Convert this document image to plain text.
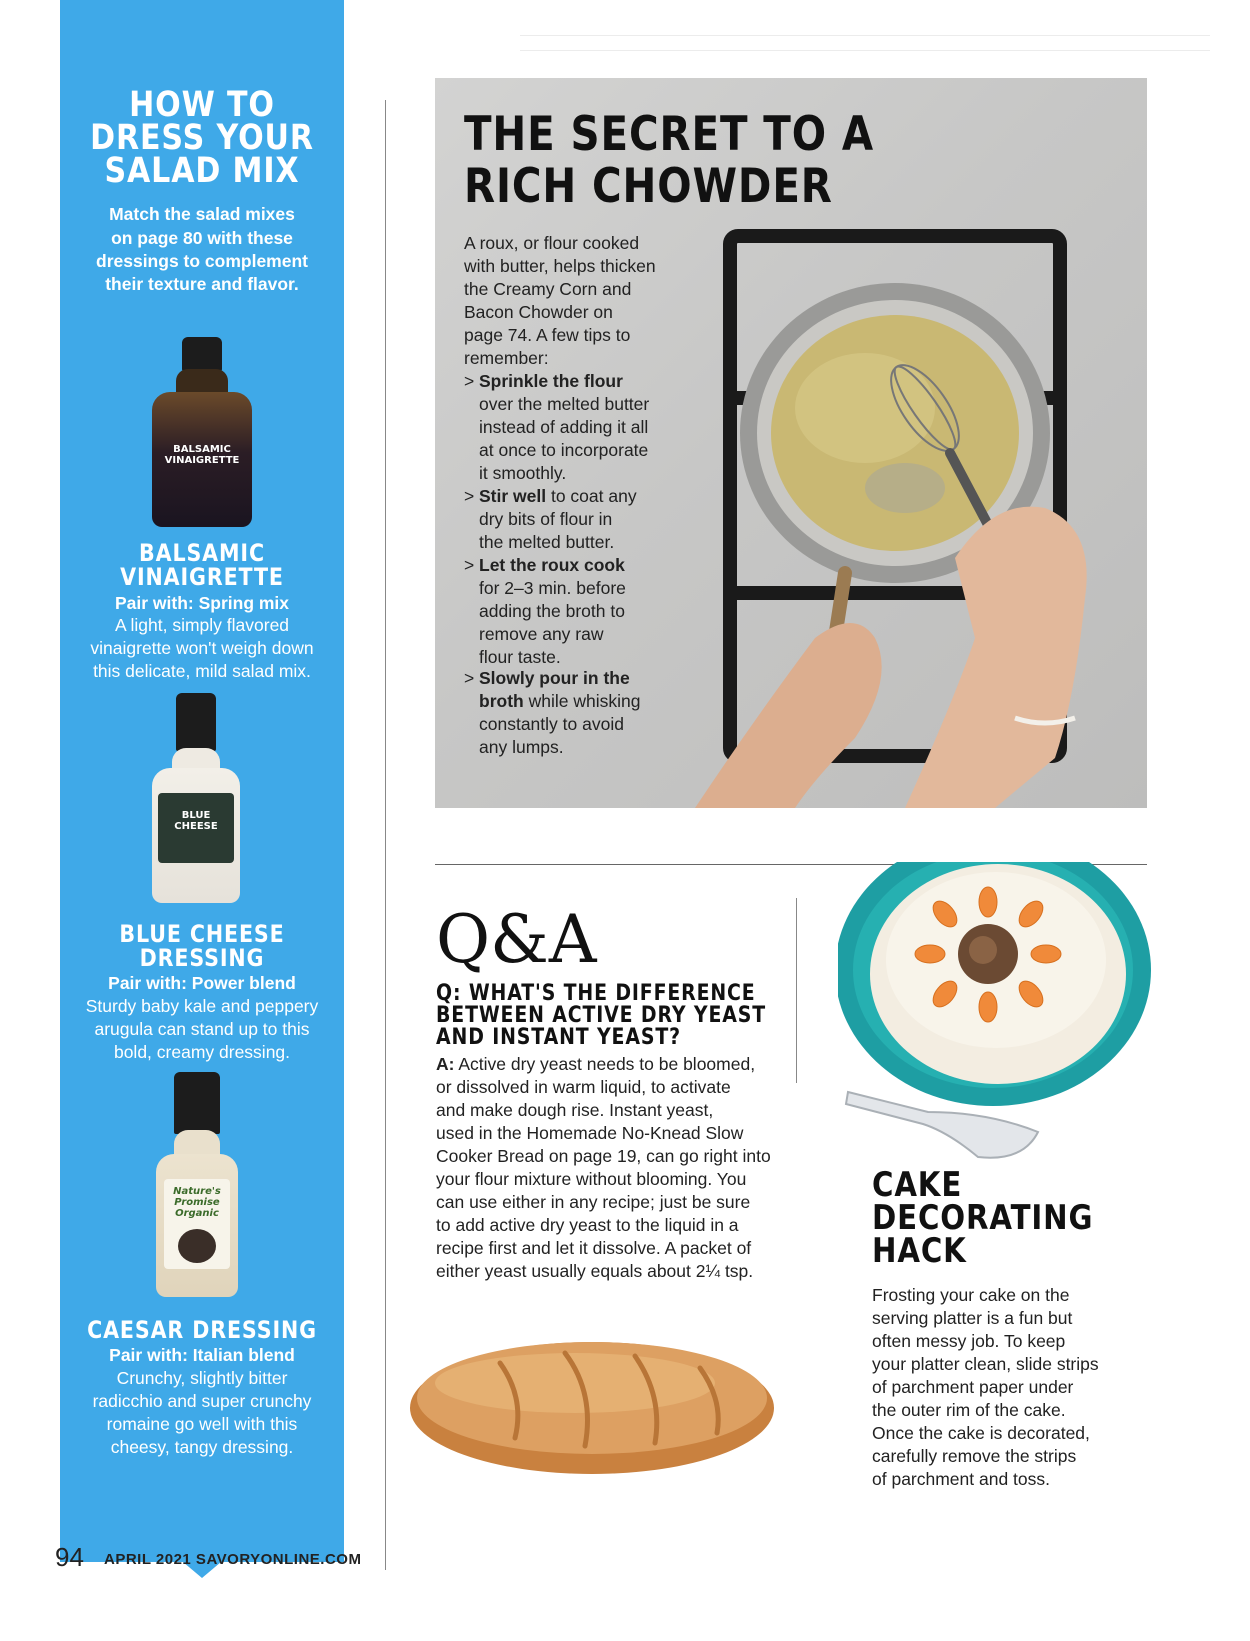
HOW TO
DRESS YOUR
SALAD MIX
Match the salad mixes
on page 80 with these
dressings to complement
their texture and flavor.
BALSAMIC VINAIGRETTE
BALSAMIC
VINAIGRETTE
Pair with: Spring mix
A light, simply flavored
vinaigrette won't weigh down
this delicate, mild salad mix.
BLUE CHEESE
BLUE CHEESE
DRESSING
Pair with: Power blend
Sturdy baby kale and peppery
arugula can stand up to this
bold, creamy dressing.
Nature's Promise Organic
CAESAR DRESSING
Pair with: Italian blend
Crunchy, slightly bitter
radicchio and super crunchy
romaine go well with this
cheesy, tangy dressing.
THE SECRET TO A
RICH CHOWDER
A roux, or flour cooked
with butter, helps thicken
the Creamy Corn and
Bacon Chowder on
page 74. A few tips to
remember:
> Sprinkle the flour
over the melted butter
instead of adding it all
at once to incorporate
it smoothly.
> Stir well to coat any
dry bits of flour in
the melted butter.
> Let the roux cook
for 2–3 min. before
adding the broth to
remove any raw
flour taste.
> Slowly pour in the
broth while whisking
constantly to avoid
any lumps.
Q&A
Q: WHAT'S THE DIFFERENCE
BETWEEN ACTIVE DRY YEAST
AND INSTANT YEAST?
A: Active dry yeast needs to be bloomed,
or dissolved in warm liquid, to activate
and make dough rise. Instant yeast,
used in the Homemade No-Knead Slow
Cooker Bread on page 19, can go right into
your flour mixture without blooming. You
can use either in any recipe; just be sure
to add active dry yeast to the liquid in a
recipe first and let it dissolve. A packet of
either yeast usually equals about 2¼ tsp.
CAKE
DECORATING
HACK
Frosting your cake on the
serving platter is a fun but
often messy job. To keep
your platter clean, slide strips
of parchment paper under
the outer rim of the cake.
Once the cake is decorated,
carefully remove the strips
of parchment and toss.
94 APRIL 2021 SAVORYONLINE.COM
